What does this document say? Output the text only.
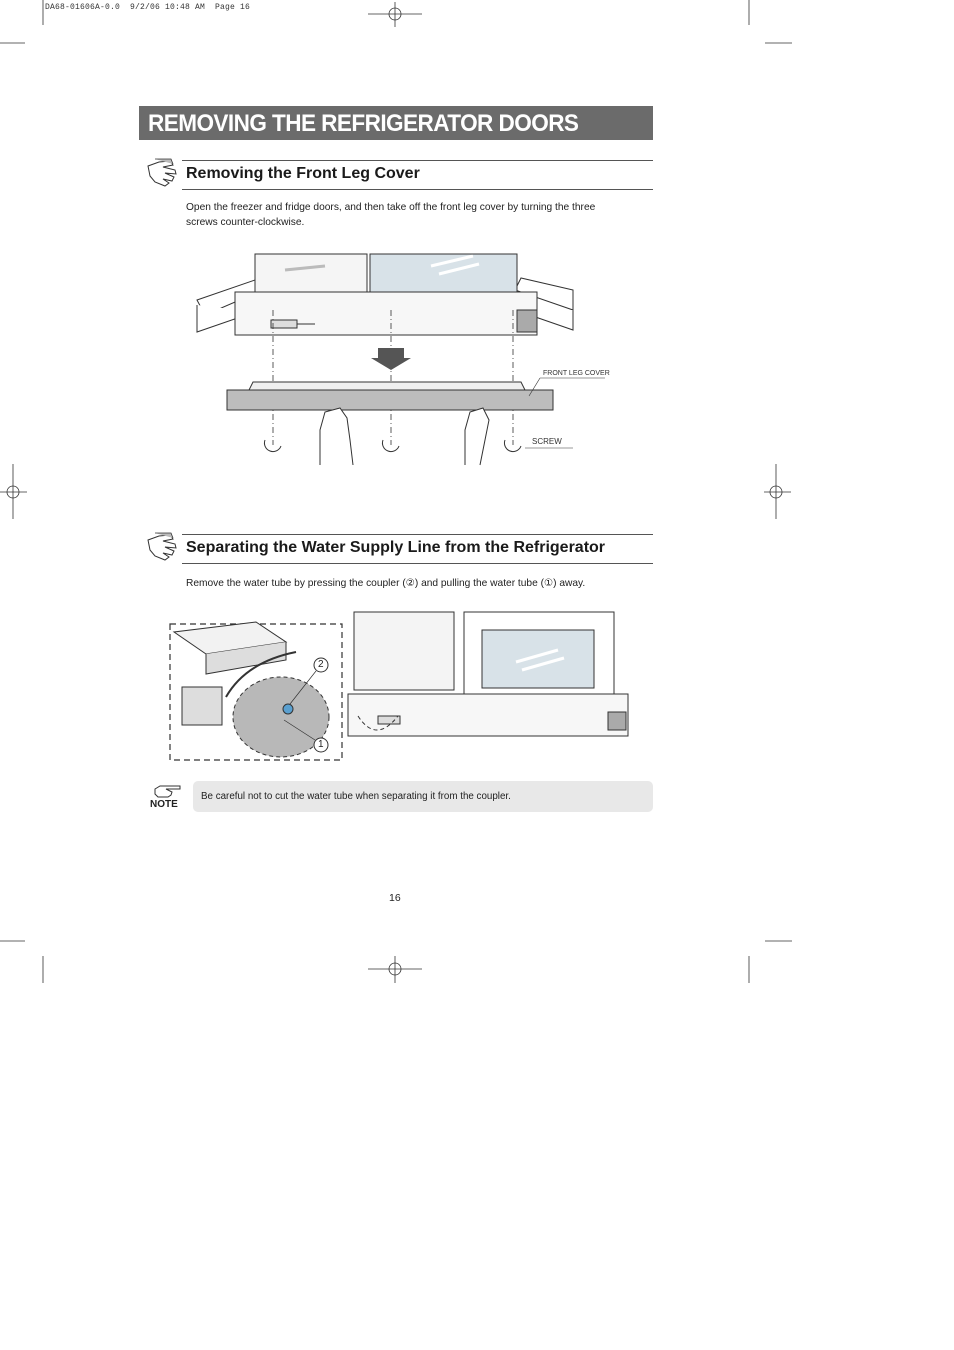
DA68-01606A-0.0  9/2/06 10:48 AM  Page 16
REMOVING THE REFRIGERATOR DOORS
Removing the Front Leg Cover
Open the freezer and fridge doors, and then take off the front leg cover by turning the three screws counter-clockwise.
FRONT LEG COVER
SCREW
Separating the Water Supply Line from the Refrigerator
Remove the water tube by pressing the coupler (②) and pulling the water tube (①) away.
2
1
NOTE
Be careful not to cut the water tube when separating it from the coupler.
16
